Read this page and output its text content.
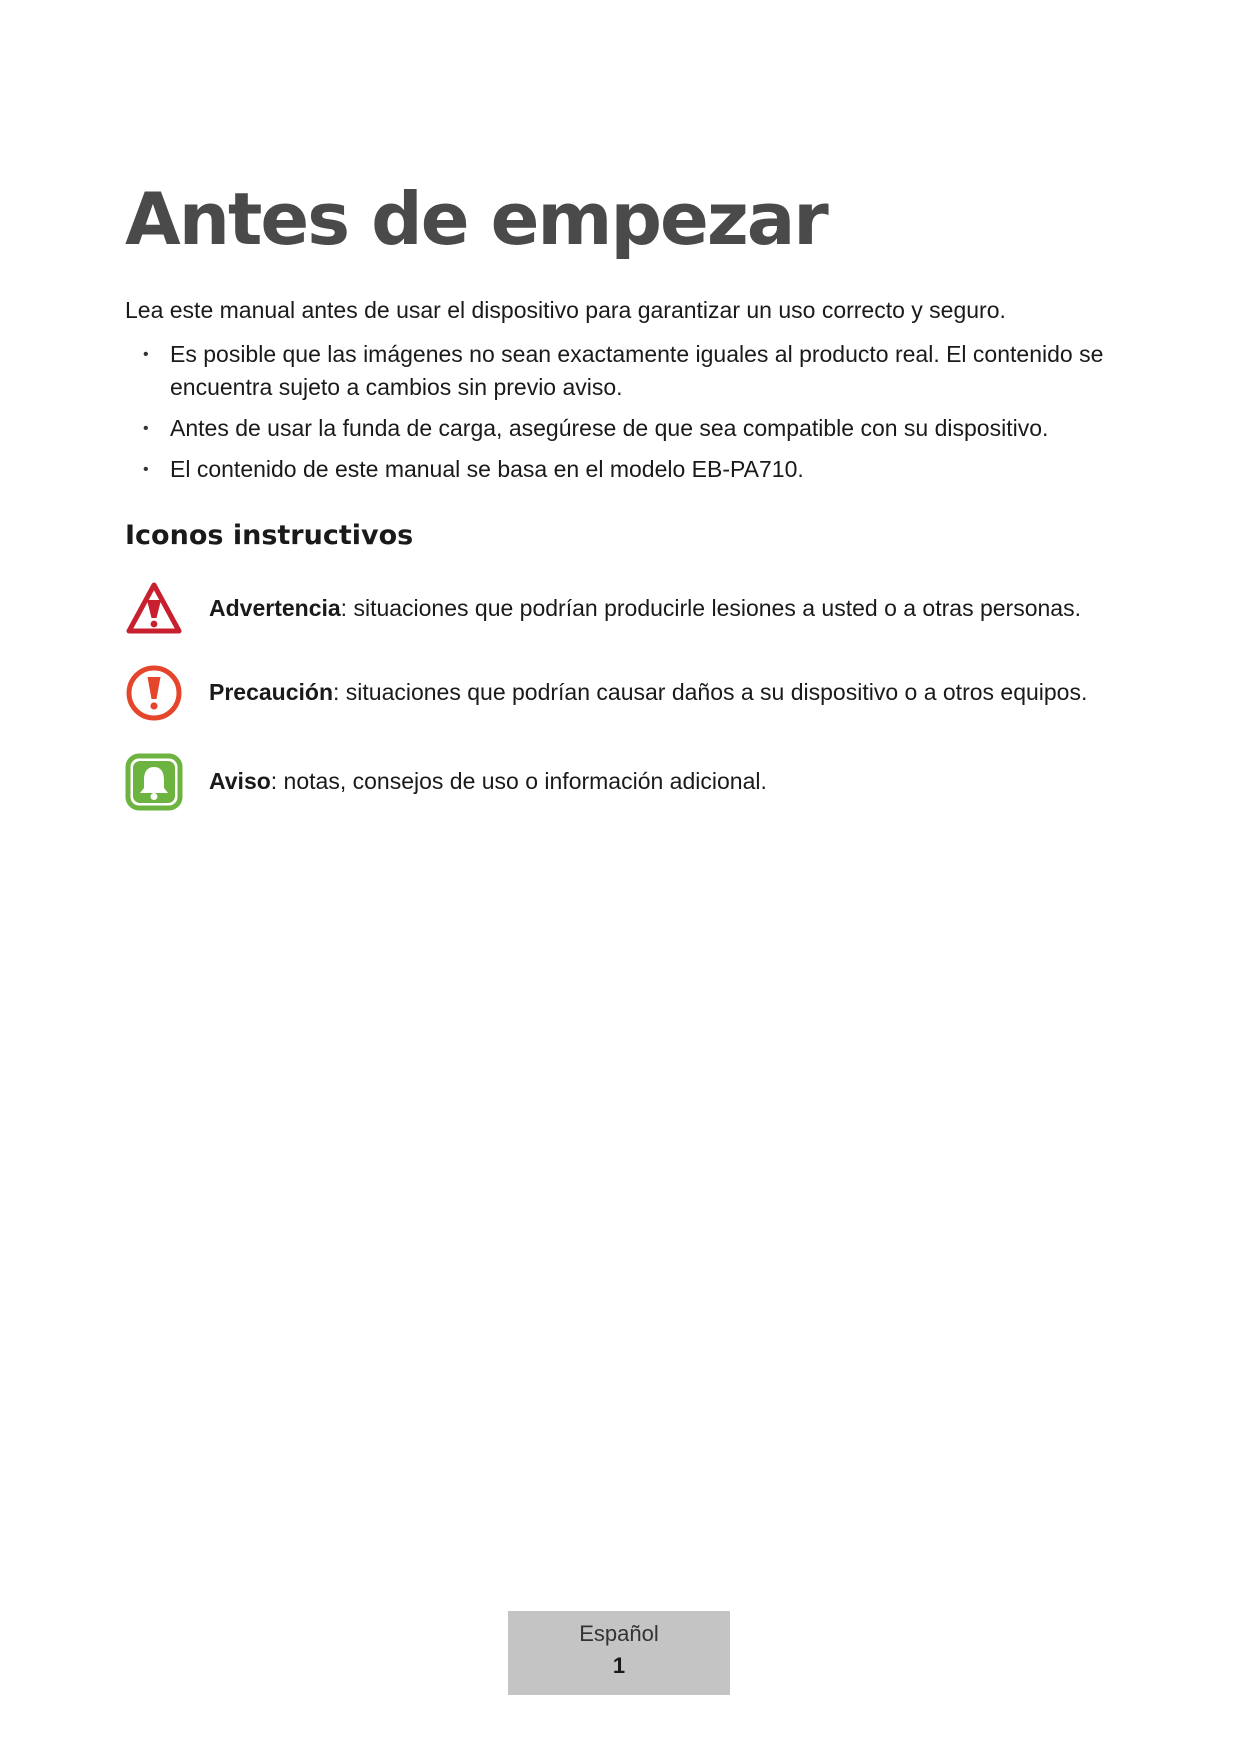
Antes de empezar

Lea este manual antes de usar el dispositivo para garantizar un uso correcto y seguro.

• Es posible que las imágenes no sean exactamente iguales al producto real. El contenido se encuentra sujeto a cambios sin previo aviso.
• Antes de usar la funda de carga, asegúrese de que sea compatible con su dispositivo.
• El contenido de este manual se basa en el modelo EB-PA710.
Iconos instructivos
Advertencia: situaciones que podrían producirle lesiones a usted o a otras personas.
Precaución: situaciones que podrían causar daños a su dispositivo o a otros equipos.
Aviso: notas, consejos de uso o información adicional.
Español
1
